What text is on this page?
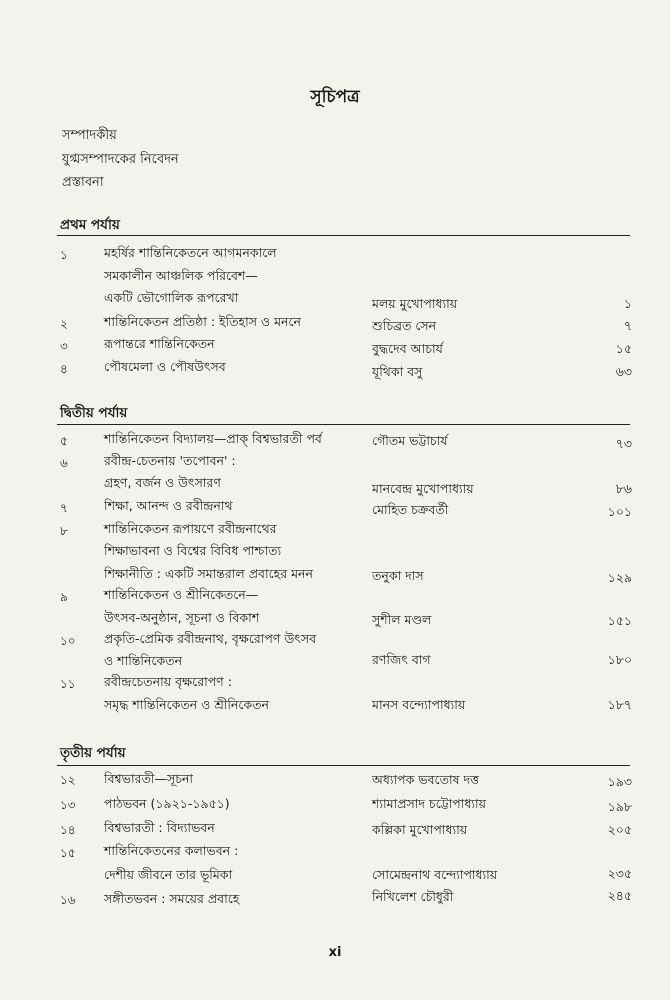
সূচিপত্র
সম্পাদকীয়
যুগ্মসম্পাদকের নিবেদন
প্রস্তাবনা
প্রথম পর্যায়
১	মহর্ষির শান্তিনিকেতনে আগমনকালে
সমকালীন আঞ্চলিক পরিবেশ—
একটি ভৌগোলিক রূপরেখা	মলয় মুখোপাধ্যায়	১
২	শান্তিনিকেতন প্রতিষ্ঠা : ইতিহাস ও মননে	শুচিব্রত সেন	৭
৩	রূপান্তরে শান্তিনিকেতন	বুদ্ধদেব আচার্য	১৫
৪	পৌষমেলা ও পৌষউৎসব	যূথিকা বসু	৬৩
দ্বিতীয় পর্যায়
৫	শান্তিনিকেতন বিদ্যালয়—প্রাক্ বিশ্বভারতী পর্ব	গৌতম ভট্টাচার্য	৭৩
৬	রবীন্দ্র-চেতনায় 'তপোবন' :
গ্রহণ, বর্জন ও উৎসারণ	মানবেন্দ্র মুখোপাধ্যায়	৮৬
৭	শিক্ষা, আনন্দ ও রবীন্দ্রনাথ	মোহিত চক্রবর্তী	১০১
৮	শান্তিনিকেতন রূপায়ণে রবীন্দ্রনাথের
শিক্ষাভাবনা ও বিশ্বের বিবিধ পাশ্চাত্য
শিক্ষানীতি : একটি সমান্তরাল প্রবাহের মনন	তনুকা দাস	১২৯
৯	শান্তিনিকেতন ও শ্রীনিকেতনে—
উৎসব-অনুষ্ঠান, সূচনা ও বিকাশ	সুশীল মণ্ডল	১৫১
১০	প্রকৃতি-প্রেমিক রবীন্দ্রনাথ, বৃক্ষরোপণ উৎসব
ও শান্তিনিকেতন	রণজিৎ বাগ	১৮০
১১	রবীন্দ্রচেতনায় বৃক্ষরোপণ :
সমৃদ্ধ শান্তিনিকেতন ও শ্রীনিকেতন	মানস বন্দ্যোপাধ্যায়	১৮৭
তৃতীয় পর্যায়
১২	বিশ্বভারতী—সূচনা	অধ্যাপক ভবতোষ দত্ত	১৯৩
১৩	পাঠভবন (১৯২১-১৯৫১)	শ্যামাপ্রসাদ চট্টোপাধ্যায়	১৯৮
১৪	বিশ্বভারতী : বিদ্যাভবন	কল্লিকা মুখোপাধ্যায়	২০৫
১৫	শান্তিনিকেতনের কলাভবন :
দেশীয় জীবনে তার ভূমিকা	সোমেন্দ্রনাথ বন্দ্যোপাধ্যায়	২৩৫
১৬	সঙ্গীতভবন : সময়ের প্রবাহে	নিখিলেশ চৌধুরী	২৪৫
xi
